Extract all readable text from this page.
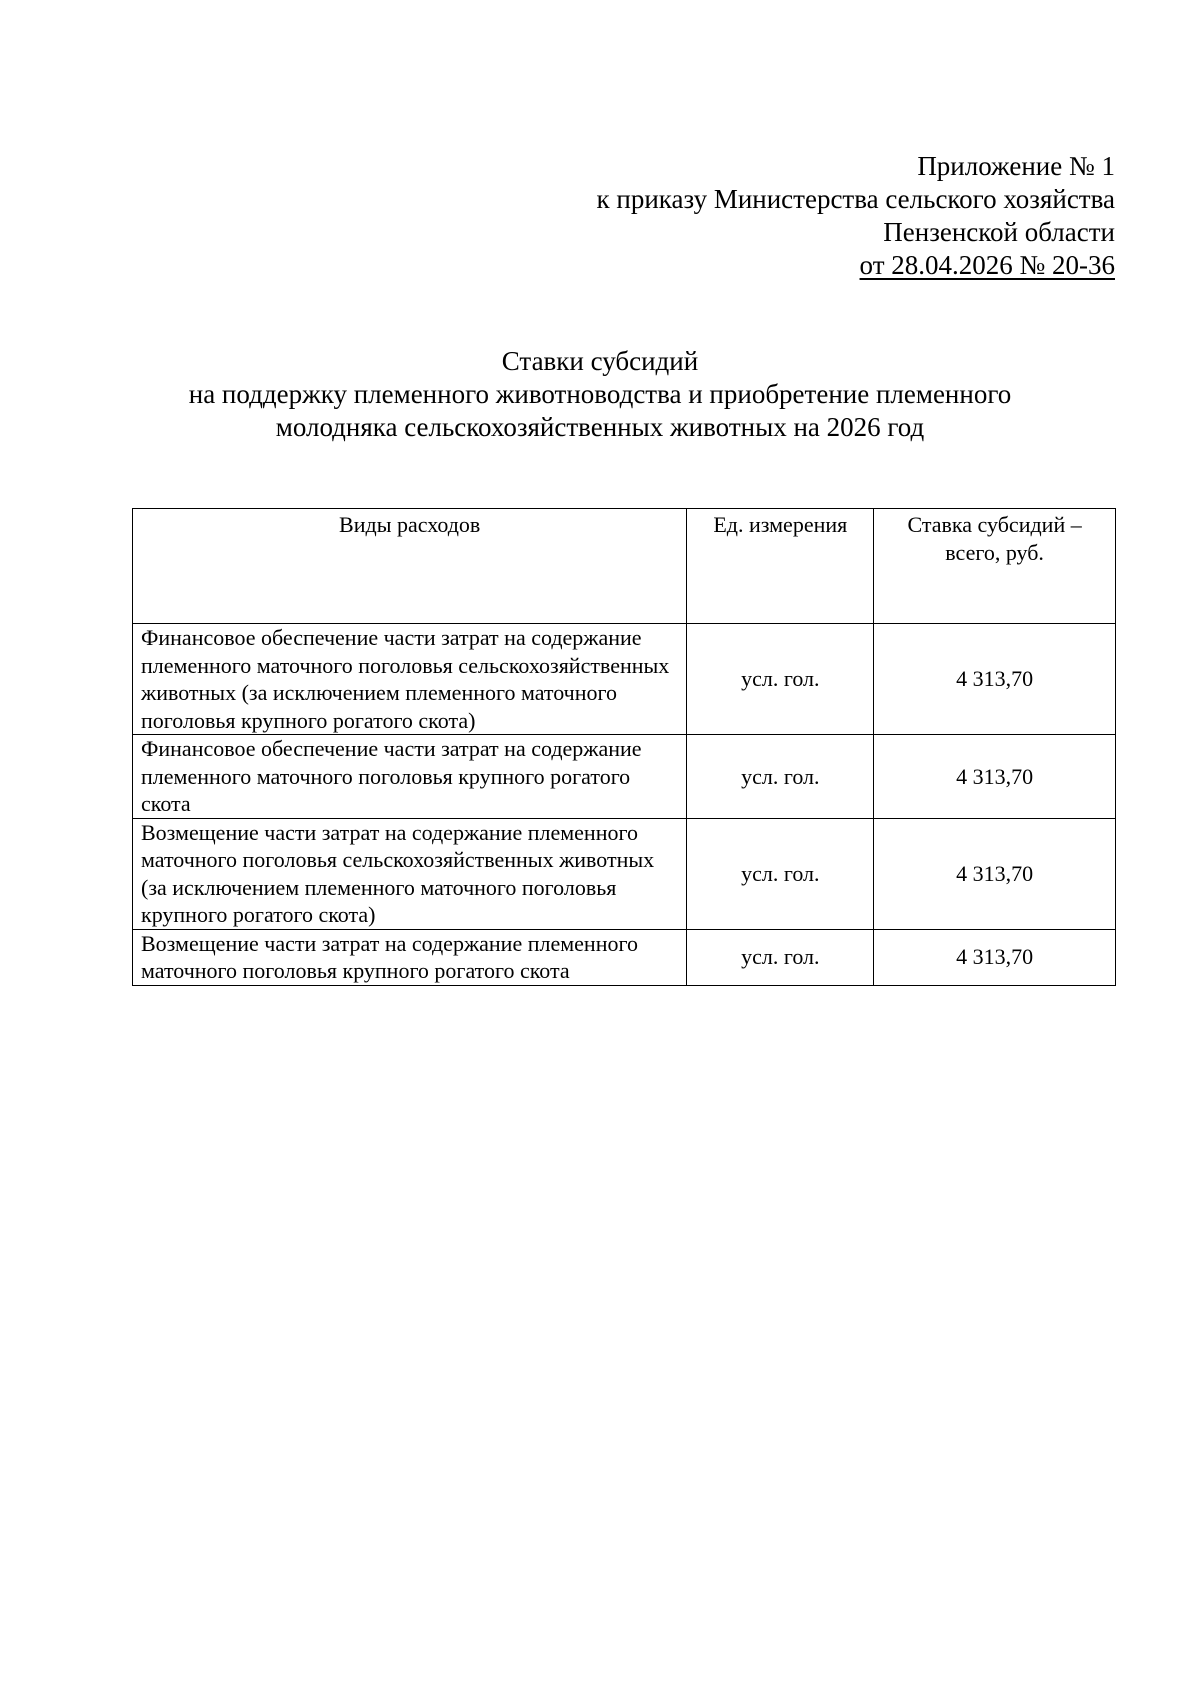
Приложение № 1
к приказу Министерства сельского хозяйства
Пензенской области
от 28.04.2026 № 20-36
Ставки субсидий
на поддержку племенного животноводства и приобретение племенного
молодняка сельскохозяйственных животных на 2026 год
Виды расходов	Ед. измерения	Ставка субсидий – всего, руб.
Финансовое обеспечение части затрат на содержание племенного маточного поголовья сельскохозяйственных животных (за исключением племенного маточного поголовья крупного рогатого скота)	усл. гол.	4 313,70
Финансовое обеспечение части затрат на содержание племенного маточного поголовья крупного рогатого скота	усл. гол.	4 313,70
Возмещение части затрат на содержание племенного маточного поголовья сельскохозяйственных животных (за исключением племенного маточного поголовья крупного рогатого скота)	усл. гол.	4 313,70
Возмещение части затрат на содержание племенного маточного поголовья крупного рогатого скота	усл. гол.	4 313,70
